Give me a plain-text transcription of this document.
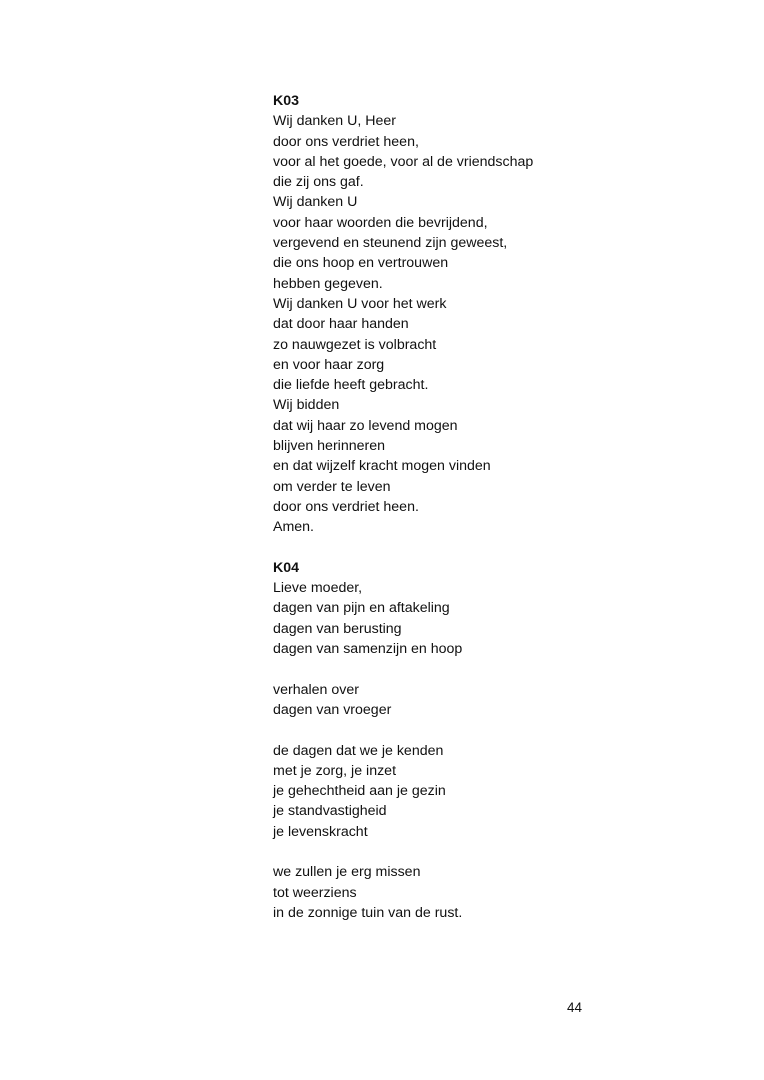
K03

Wij danken U, Heer

door ons verdriet heen,

voor al het goede, voor al de vriendschap

die zij ons gaf.

Wij danken U

voor haar woorden die bevrijdend,

vergevend en steunend zijn geweest,

die ons hoop en vertrouwen

hebben gegeven.

Wij danken U voor het werk

dat door haar handen

zo nauwgezet is volbracht

en voor haar zorg

die liefde heeft gebracht.

Wij bidden

dat wij haar zo levend mogen

blijven herinneren

en dat wijzelf kracht mogen vinden

om verder te leven

door ons verdriet heen.

Amen.

K04

Lieve moeder,

dagen van pijn en aftakeling

dagen van berusting

dagen van samenzijn en hoop

verhalen over

dagen van vroeger

de dagen dat we je kenden

met je zorg, je inzet

je gehechtheid aan je gezin

je standvastigheid

je levenskracht

we zullen je erg missen

tot weerziens

in de zonnige tuin van de rust.

44
